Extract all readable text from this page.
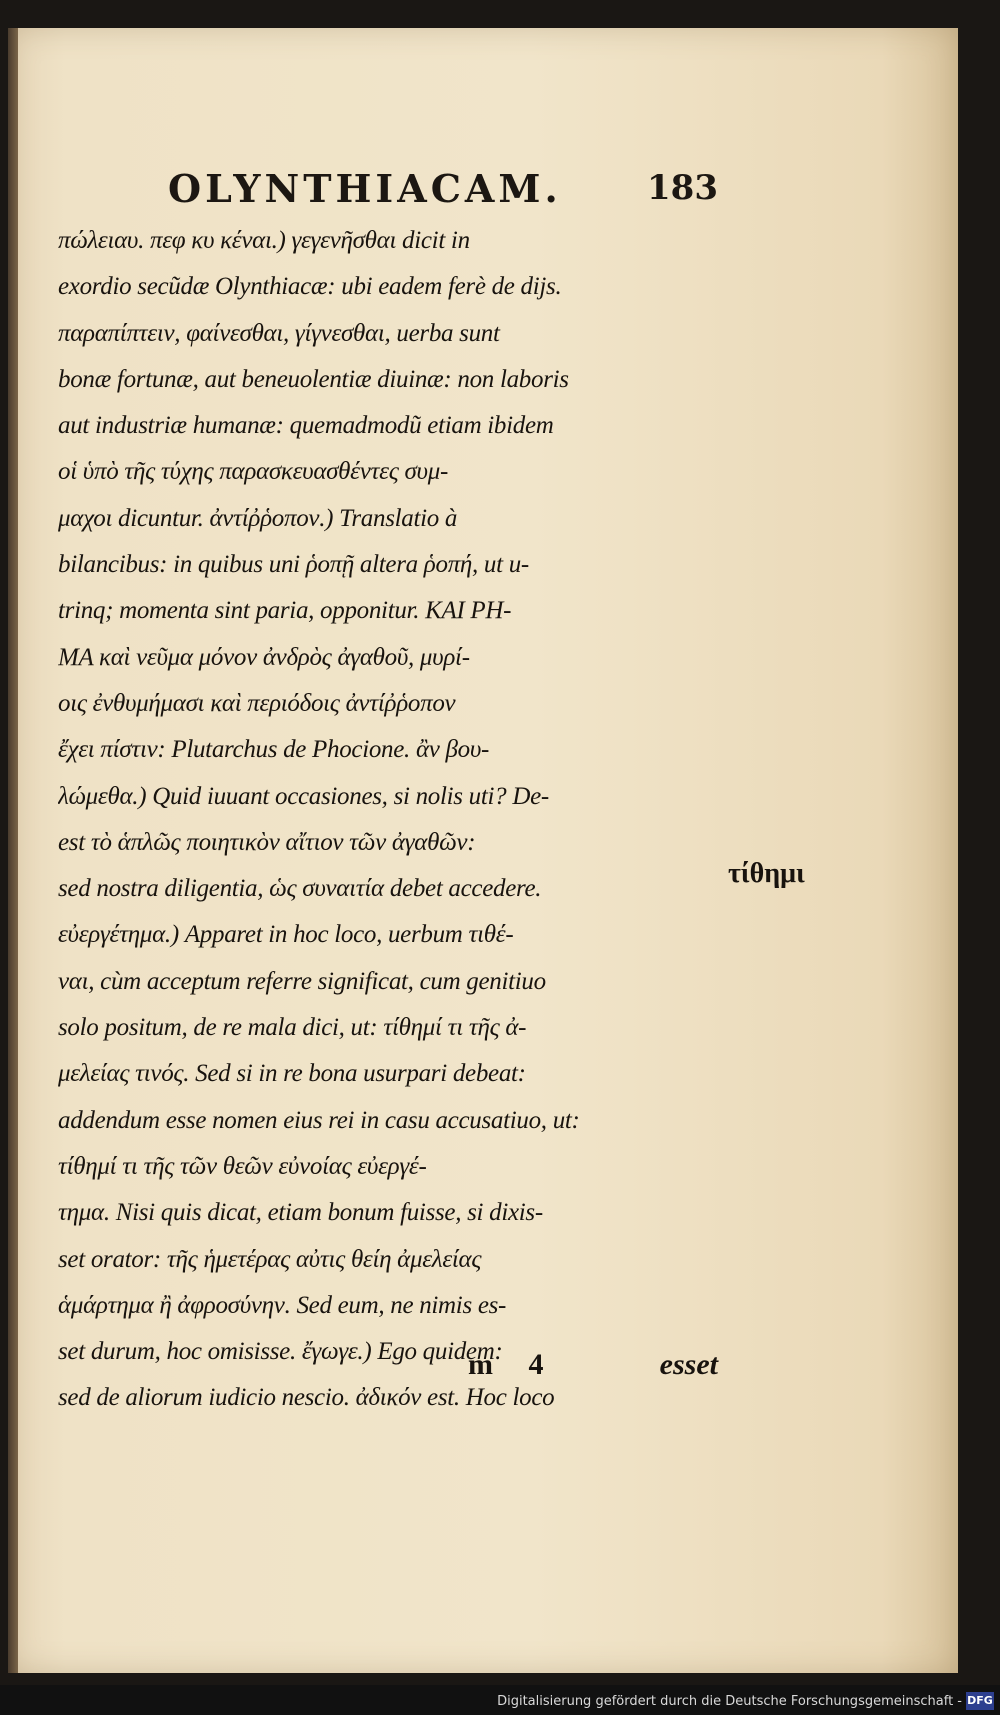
OLYNTHIACAM.	183
πώλειαυ. πεφ κυ κέναι.) γεγενῆσθαι dicit in
exordio secũdæ Olynthiacæ: ubi eadem ferè de dijs.
παραπίπτειν, φαίνεσθαι, γίγνεσθαι, uerba sunt
bonæ fortunæ, aut beneuolentiæ diuinæ: non laboris
aut industriæ humanæ: quemadmodũ etiam ibidem
οἱ ὑπὸ τῆς τύχης παρασκευασθέντες συμ-
μαχοι dicuntur. ἀντίῤῥοπον.) Translatio à
bilancibus: in quibus uni ῥοπῇ altera ῥοπή, ut u-
trinq; momenta sint paria, opponitur. ΚΑΙ ΡΗ-
ΜΑ καὶ νεῦμα μόνον ἀνδρὸς ἀγαθοῦ, μυρί-
οις ἐνθυμήμασι καὶ περιόδοις ἀντίῤῥοπον
ἔχει πίστιν: Plutarchus de Phocione. ἂν βου-
λώμεθα.) Quid iuuant occasiones, si nolis uti? De-
est τὸ ἁπλῶς ποιητικὸν αἴτιον τῶν ἀγαθῶν:
sed nostra diligentia, ὡς συναιτία debet accedere.
εὐεργέτημα.) Apparet in hoc loco, uerbum τιθέ-
ναι, cùm acceptum referre significat, cum genitiuo
solo positum, de re mala dici, ut: τίθημί τι τῆς ἀ-
μελείας τινός. Sed si in re bona usurpari debeat:
addendum esse nomen eius rei in casu accusatiuo, ut:
τίθημί τι τῆς τῶν θεῶν εὐνοίας εὐεργέ-
τημα. Nisi quis dicat, etiam bonum fuisse, si dixis-
set orator: τῆς ἡμετέρας αὐτις θείη ἀμελείας
ἁμάρτημα ἢ ἀφροσύνην. Sed eum, ne nimis es-
set durum, hoc omisisse. ἔγωγε.) Ego quidem:
sed de aliorum iudicio nescio. ἀδικόν est. Hoc loco
m 4	esset
τίθημι
Digitalisierung gefördert durch die Deutsche Forschungsgemeinschaft - DFG
